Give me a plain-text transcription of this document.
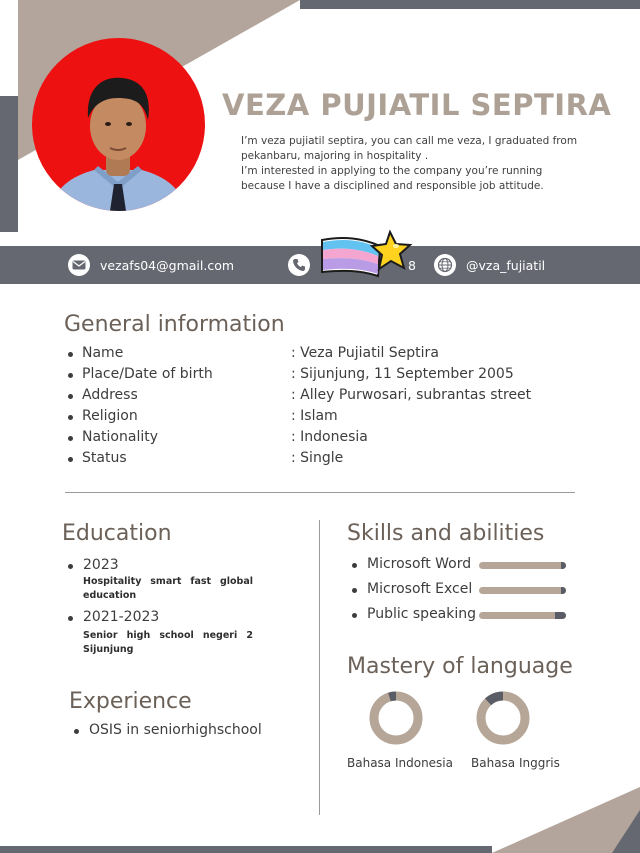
VEZA PUJIATIL SEPTIRA

I’m veza pujiatil septira, you can call me veza, I graduated from

pekanbaru, majoring in hospitality .

I’m interested in applying to the company you’re running

because I have a disciplined and responsible job attitude.

vezafs04@gmail.com	8	@vza_fujiatil
General information
Name	: Veza Pujiatil Septira
Place/Date of birth	: Sijunjung, 11 September 2005
Address	: Alley Purwosari, subrantas street
Religion	: Islam
Nationality	: Indonesia
Status	: Single
Education
2023
Hospitality smart fast global education
2021-2023
Senior high school negeri 2 Sijunjung
Experience
OSIS in seniorhighschool
Skills and abilities
Microsoft Word
Microsoft Excel
Public speaking
Mastery of language
Bahasa Indonesia Bahasa Inggris
